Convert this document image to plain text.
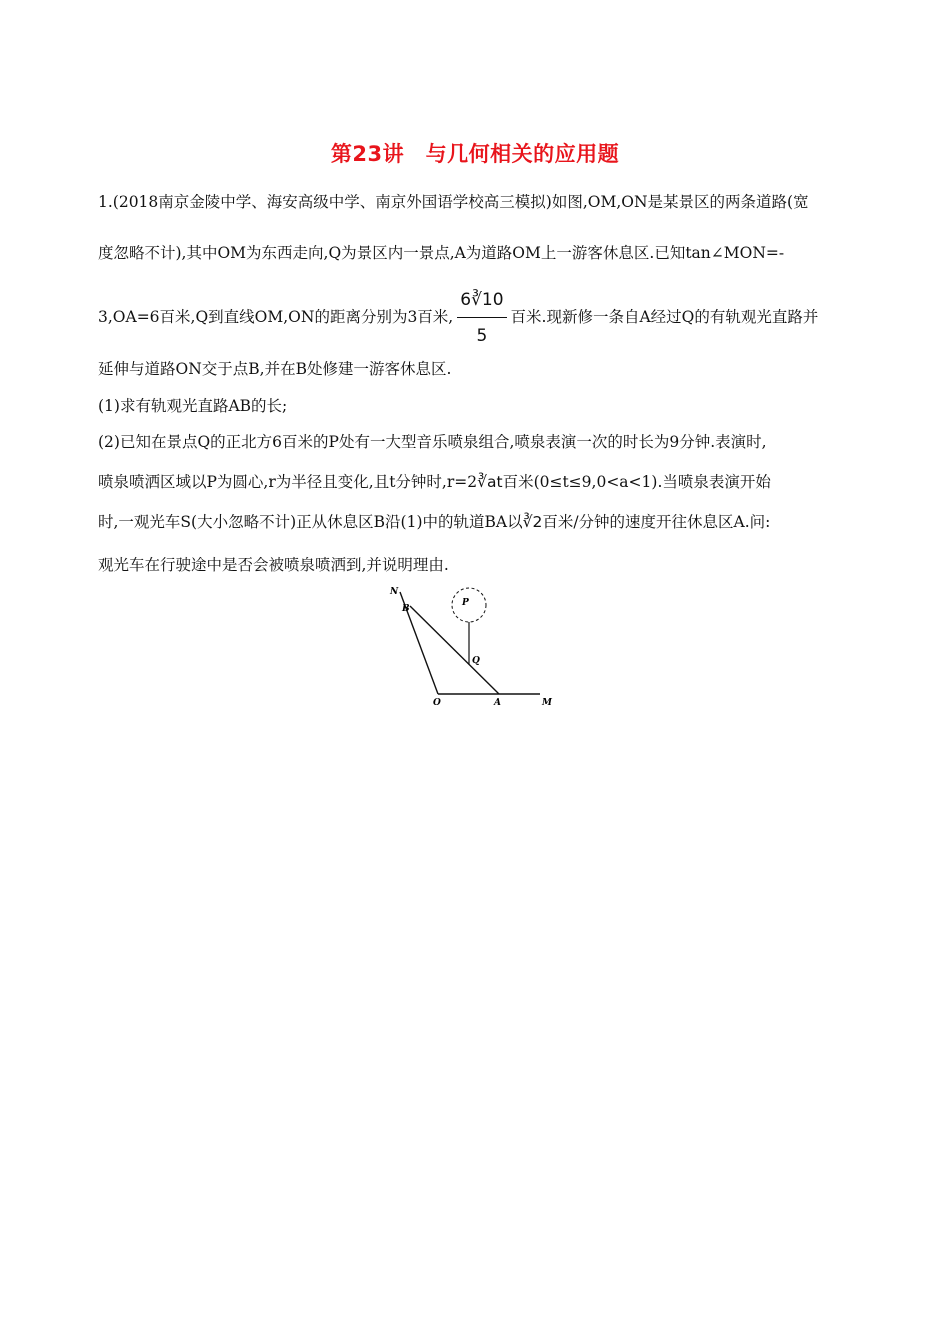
第23讲　与几何相关的应用题
1.(2018南京金陵中学、海安高级中学、南京外国语学校高三模拟)如图,OM,ON是某景区的两条道路(宽
度忽略不计),其中OM为东西走向,Q为景区内一景点,A为道路OM上一游客休息区.已知tan∠MON=-
3,OA=6百米,Q到直线OM,ON的距离分别为3百米, $\frac{6∛10}{5}$ 百米.现新修一条自A经过Q的有轨观光直路并
延伸与道路ON交于点B,并在B处修建一游客休息区.
(1)求有轨观光直路AB的长;
(2)已知在景点Q的正北方6百米的P处有一大型音乐喷泉组合,喷泉表演一次的时长为9分钟.表演时,
喷泉喷洒区域以P为圆心,r为半径且变化,且t分钟时,r=2∛at百米(0≤t≤9,0<a<1).当喷泉表演开始
时,一观光车S(大小忽略不计)正从休息区B沿(1)中的轨道BA以∛2百米/分钟的速度开往休息区A.问:
观光车在行驶途中是否会被喷泉喷洒到,并说明理由.
N
B
P
Q
O	A	M
